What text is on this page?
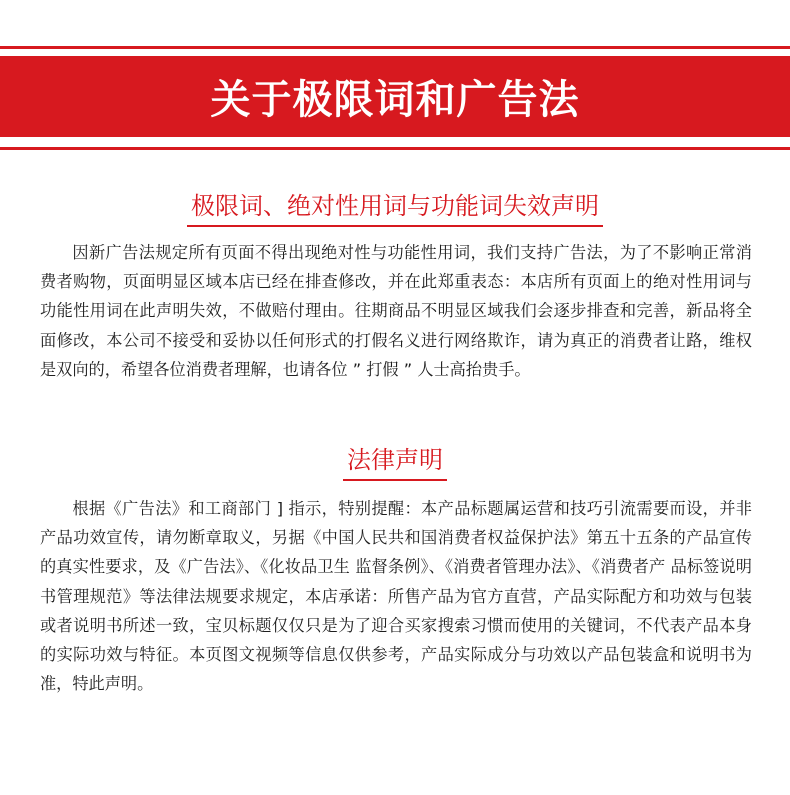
关于极限词和广告法
极限词、绝对性用词与功能词失效声明

因新广告法规定所有页面不得出现绝对性与功能性用词，我们支持广告法，为了不影响正常消费者购物，页面明显区域本店已经在排查修改，并在此郑重表态：本店所有页面上的绝对性用词与功能性用词在此声明失效，不做赔付理由。往期商品不明显区域我们会逐步排查和完善，新品将全面修改，本公司不接受和妥协以任何形式的打假名义进行网络欺诈，请为真正的消费者让路，维权是双向的，希望各位消费者理解，也请各位 ” 打假 ” 人士高抬贵手。

法律声明

根据《广告法》和工商部门 ] 指示，特别提醒：本产品标题属运营和技巧引流需要而设，并非产品功效宣传，请勿断章取义，另据《中国人民共和国消费者权益保护法》第五十五条的产品宣传的真实性要求，及《广告法》、《化妆品卫生 监督条例》、《消费者管理办法》、《消费者产 品标签说明书管理规范》等法律法规要求规定，本店承诺：所售产品为官方直营，产品实际配方和功效与包装或者说明书所述一致，宝贝标题仅仅只是为了迎合买家搜索习惯而使用的关键词，不代表产品本身的实际功效与特征。本页图文视频等信息仅供参考，产品实际成分与功效以产品包装盒和说明书为准，特此声明。
